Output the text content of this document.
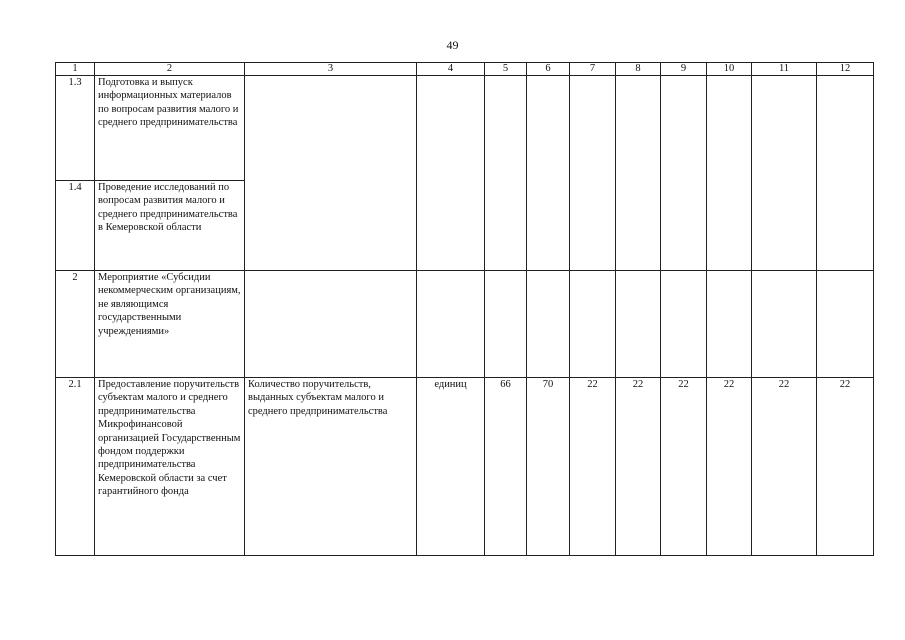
49
1	2	3	4	5	6	7	8	9	10	11	12
1.3	Подготовка и выпуск информационных материалов по вопросам развития малого и среднего предпринимательства										
1.4	Проведение исследований по вопросам развития малого и среднего предпринимательства в Кемеровской области										
2	Мероприятие «Субсидии некоммерческим организациям, не являющимся государственными учреждениями»										
2.1	Предоставление поручительств субъектам малого и среднего предпринимательства Микрофинансовой организацией Государственным фондом поддержки предпринимательства Кемеровской области за счет гарантийного фонда	Количество поручительств, выданных субъектам малого и среднего предпринимательства	единиц	66	70	22	22	22	22	22	22
